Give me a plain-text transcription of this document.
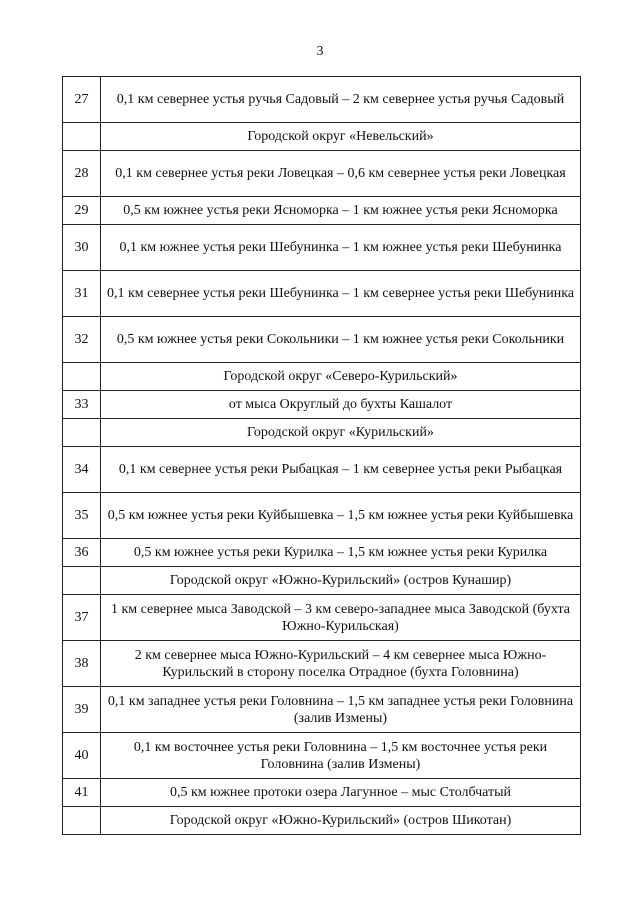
3
27	0,1 км севернее устья ручья Садовый – 2 км севернее устья ручья Садовый
	Городской округ «Невельский»
28	0,1 км севернее устья реки Ловецкая – 0,6 км севернее устья реки Ловецкая
29	0,5 км южнее устья реки Ясноморка – 1 км южнее устья реки Ясноморка
30	0,1 км южнее устья реки Шебунинка – 1 км южнее устья реки Шебунинка
31	0,1 км севернее устья реки Шебунинка – 1 км севернее устья реки Шебунинка
32	0,5 км южнее устья реки Сокольники – 1 км южнее устья реки Сокольники
	Городской округ «Северо-Курильский»
33	от мыса Округлый до бухты Кашалот
	Городской округ «Курильский»
34	0,1 км севернее устья реки Рыбацкая – 1 км севернее устья реки Рыбацкая
35	0,5 км южнее устья реки Куйбышевка – 1,5 км южнее устья реки Куйбышевка
36	0,5 км южнее устья реки Курилка – 1,5 км южнее устья реки Курилка
	Городской округ «Южно-Курильский» (остров Кунашир)
37	1 км севернее мыса Заводской – 3 км северо-западнее мыса Заводской (бухта Южно-Курильская)
38	2 км севернее мыса Южно-Курильский – 4 км севернее мыса Южно-Курильский в сторону поселка Отрадное (бухта Головнина)
39	0,1 км западнее устья реки Головнина – 1,5 км западнее устья реки Головнина (залив Измены)
40	0,1 км восточнее устья реки Головнина – 1,5 км восточнее устья реки Головнина (залив Измены)
41	0,5 км южнее протоки озера Лагунное – мыс Столбчатый
	Городской округ «Южно-Курильский» (остров Шикотан)
